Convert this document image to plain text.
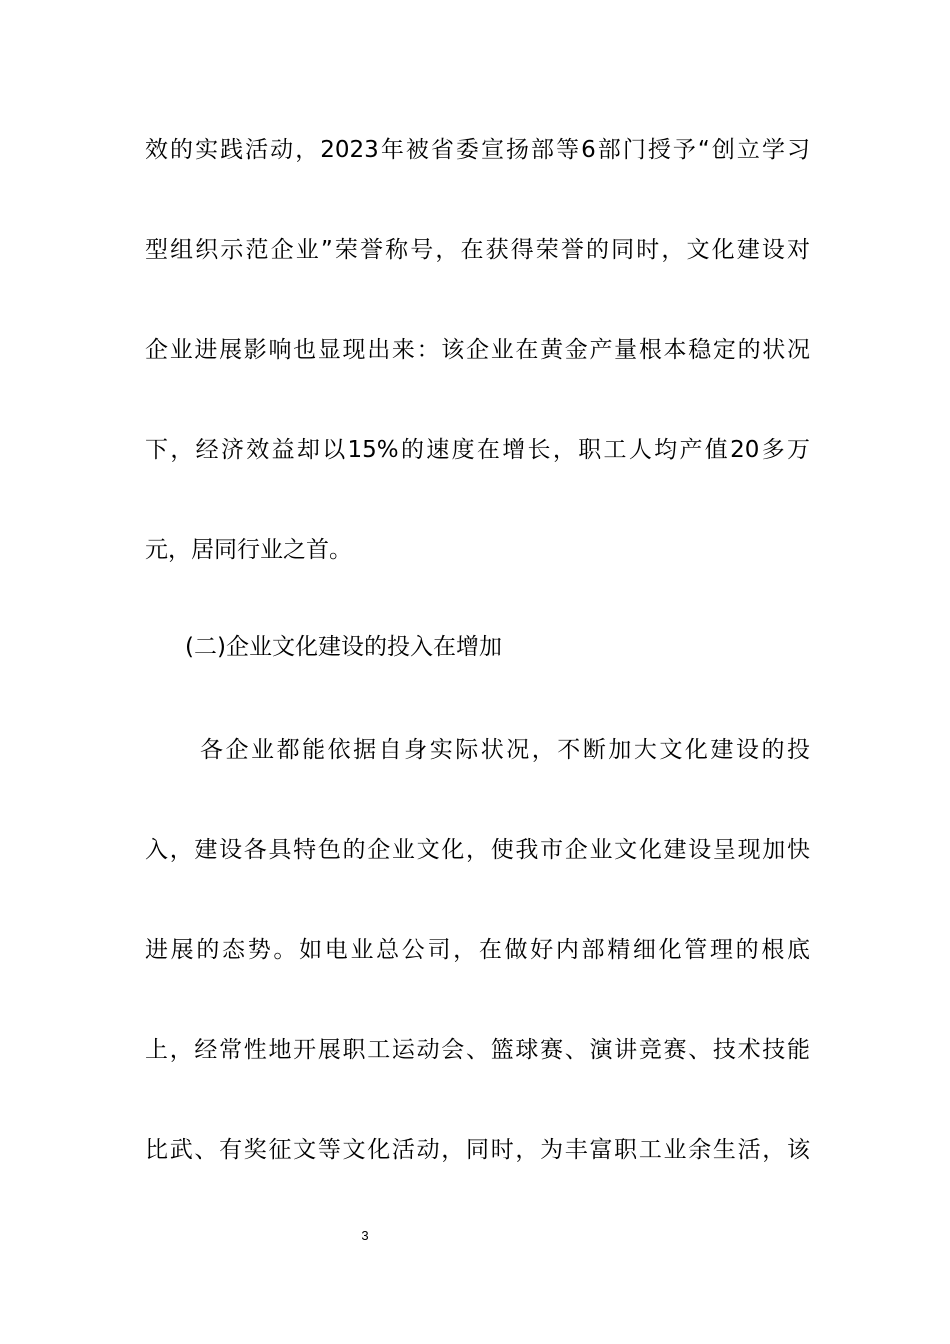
效的实践活动，2023年被省委宣扬部等6部门授予“创立学习
型组织示范企业”荣誉称号，在获得荣誉的同时，文化建设对
企业进展影响也显现出来：该企业在黄金产量根本稳定的状况
下，经济效益却以15%的速度在增长，职工人均产值20多万
元，居同行业之首。
(二)企业文化建设的投入在增加
各企业都能依据自身实际状况，不断加大文化建设的投
入，建设各具特色的企业文化，使我市企业文化建设呈现加快
进展的态势。如电业总公司，在做好内部精细化管理的根底
上，经常性地开展职工运动会、篮球赛、演讲竞赛、技术技能
比武、有奖征文等文化活动，同时，为丰富职工业余生活，该
3
